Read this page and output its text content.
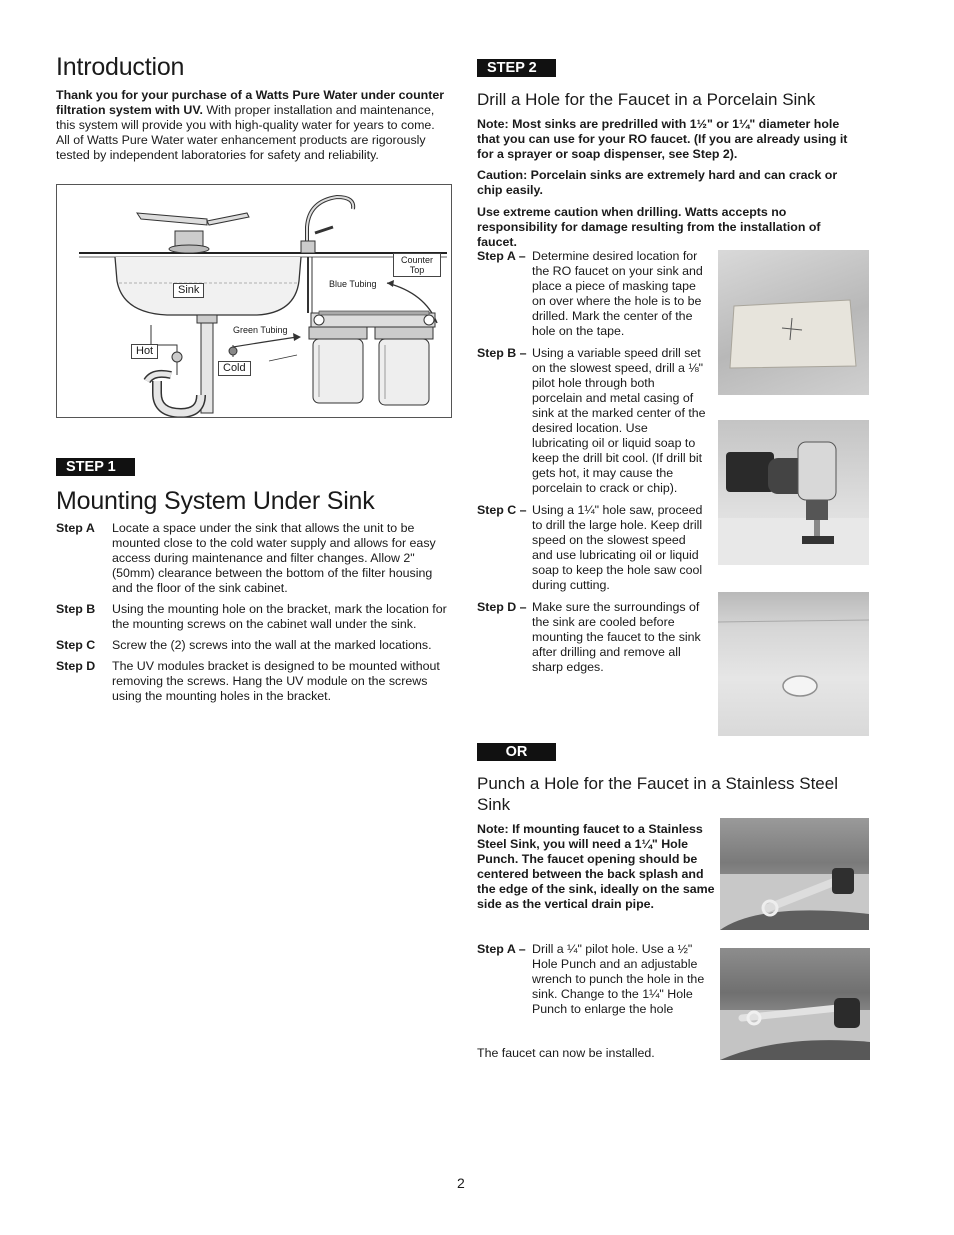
Introduction

Thank you for your purchase of a Watts Pure Water under counter filtration system with UV. With proper installation and maintenance, this system will provide you with high-quality water for years to come. All of Watts Pure Water water enhancement products are rigorously tested by independent laboratories for safety and reliability.

Sink
Hot
Cold
Blue Tubing
Green Tubing
Counter
Top
STEP 1
Mounting System Under Sink
Step A	Locate a space under the sink that allows the unit to be mounted close to the cold water supply and allows for easy access during maintenance and filter changes. Allow 2" (50mm) clearance between the bottom of the filter housing and the floor of the sink cabinet.
Step B	Using the mounting hole on the bracket, mark the location for the mounting screws on the cabinet wall under the sink.
Step C	Screw the (2) screws into the wall at the marked locations.
Step D	The UV modules bracket is designed to be mounted without removing the screws. Hang the UV module on the screws using the mounting holes in the bracket.
STEP 2
Drill a Hole for the Faucet in a Porcelain Sink

Note: Most sinks are predrilled with 1½" or 1¼" diameter hole that you can use for your RO faucet. (If you are already using it for a sprayer or soap dispenser, see Step 2).

Caution: Porcelain sinks are extremely hard and can crack or chip easily.

Use extreme caution when drilling. Watts accepts no responsibility for damage resulting from the installation of faucet.

Step A – Determine desired location for the RO faucet on your sink and place a piece of masking tape on over where the hole is to be drilled. Mark the center of the hole on the tape.
Step B – Using a variable speed drill set on the slowest speed, drill a ⅛" pilot hole through both porcelain and metal casing of sink at the marked center of the desired location. Use lubricating oil or liquid soap to keep the drill bit cool. (If drill bit gets hot, it may cause the porcelain to crack or chip).
Step C – Using a 1¼" hole saw, proceed to drill the large hole. Keep drill speed on the slowest speed and use lubricating oil or liquid soap to keep the hole saw cool during cutting.
Step D – Make sure the surroundings of the sink are cooled before mounting the faucet to the sink after drilling and remove all sharp edges.
OR
Punch a Hole for the Faucet in a Stainless Steel Sink

Note: If mounting faucet to a Stainless Steel Sink, you will need a 1¼" Hole Punch. The faucet opening should be centered between the back splash and the edge of the sink, ideally on the same side as the vertical drain pipe.

Step A – Drill a ¼" pilot hole. Use a ½" Hole Punch and an adjustable wrench to punch the hole in the sink. Change to the 1¼" Hole Punch to enlarge the hole

The faucet can now be installed.

2
